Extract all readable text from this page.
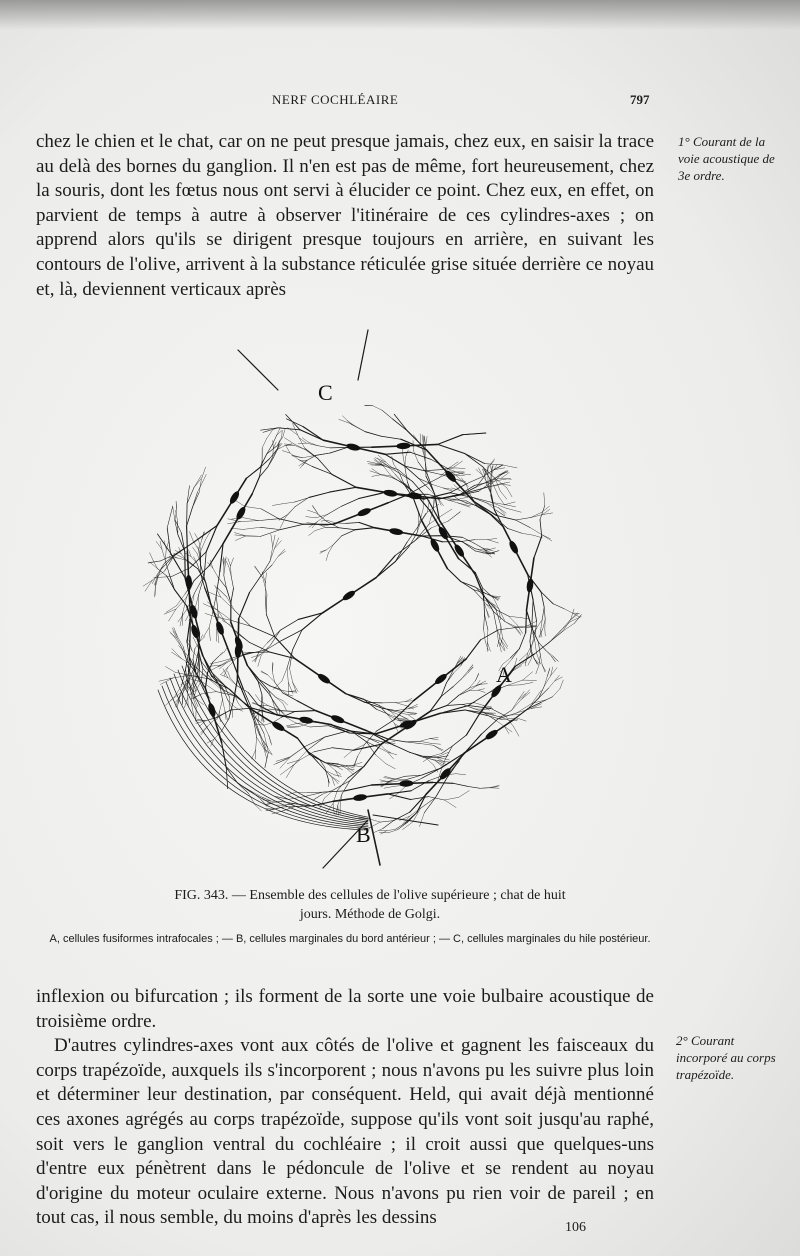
NERF COCHLÉAIRE	797

chez le chien et le chat, car on ne peut presque jamais, chez eux, en saisir la trace au delà des bornes du ganglion. Il n'en est pas de même, fort heureusement, chez la souris, dont les fœtus nous ont servi à élucider ce point. Chez eux, en effet, on parvient de temps à autre à observer l'itinéraire de ces cylindres-axes ; on apprend alors qu'ils se dirigent presque toujours en arrière, en suivant les contours de l'olive, arrivent à la substance réticulée grise située derrière ce noyau et, là, deviennent verticaux après

1° Courant de la voie acoustique de 3e ordre.
C
A
B
FIG. 343. — Ensemble des cellules de l'olive supérieure ; chat de huit jours. Méthode de Golgi.
A, cellules fusiformes intrafocales ; — B, cellules marginales du bord antérieur ; — C, cellules marginales du hile postérieur.

inflexion ou bifurcation ; ils forment de la sorte une voie bulbaire acoustique de troisième ordre.

D'autres cylindres-axes vont aux côtés de l'olive et gagnent les faisceaux du corps trapézoïde, auxquels ils s'incorporent ; nous n'avons pu les suivre plus loin et déterminer leur destination, par conséquent. Held, qui avait déjà mentionné ces axones agrégés au corps trapézoïde, suppose qu'ils vont soit jusqu'au raphé, soit vers le ganglion ventral du cochléaire ; il croit aussi que quelques-uns d'entre eux pénètrent dans le pédoncule de l'olive et se rendent au noyau d'origine du moteur oculaire externe. Nous n'avons pu rien voir de pareil ; en tout cas, il nous semble, du moins d'après les dessins

2° Courant incorporé au corps trapézoïde.
106
